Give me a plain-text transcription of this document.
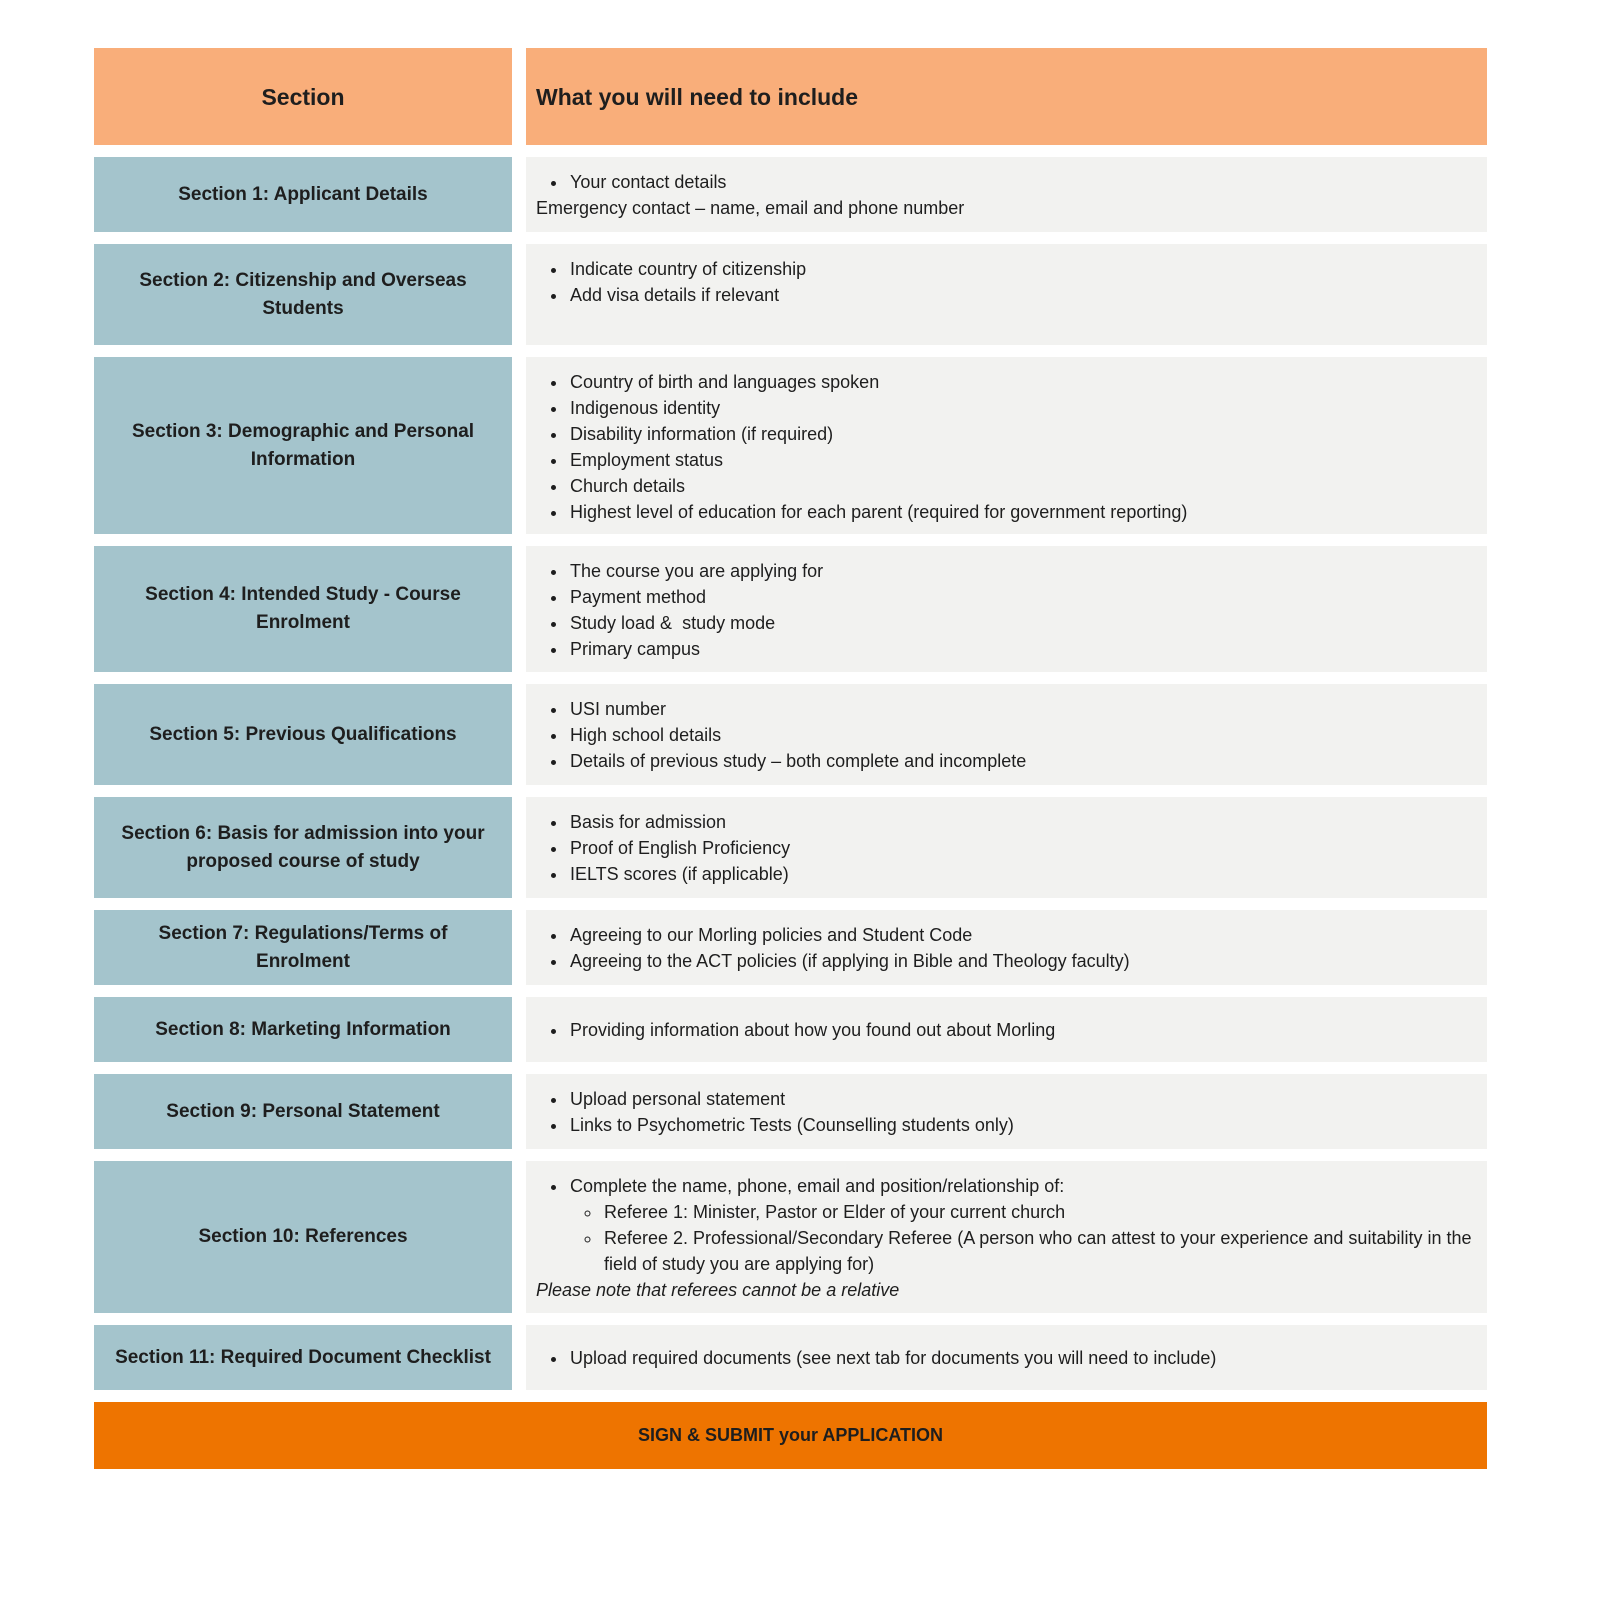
Section	What you will need to include
Section 1: Applicant Details
• Your contact details
Emergency contact – name, email and phone number
Section 2: Citizenship and Overseas Students
• Indicate country of citizenship
• Add visa details if relevant
Section 3: Demographic and Personal Information
• Country of birth and languages spoken
• Indigenous identity
• Disability information (if required)
• Employment status
• Church details
• Highest level of education for each parent (required for government reporting)
Section 4: Intended Study - Course Enrolment
• The course you are applying for
• Payment method
• Study load &  study mode
• Primary campus
Section 5: Previous Qualifications
• USI number
• High school details
• Details of previous study – both complete and incomplete
Section 6: Basis for admission into your proposed course of study
• Basis for admission
• Proof of English Proficiency
• IELTS scores (if applicable)
Section 7: Regulations/Terms of Enrolment
• Agreeing to our Morling policies and Student Code
• Agreeing to the ACT policies (if applying in Bible and Theology faculty)
Section 8: Marketing Information	• Providing information about how you found out about Morling
Section 9: Personal Statement
• Upload personal statement
• Links to Psychometric Tests (Counselling students only)
Section 10: References
• Complete the name, phone, email and position/relationship of:
◦ Referee 1: Minister, Pastor or Elder of your current church
◦ Referee 2. Professional/Secondary Referee (A person who can attest to your experience and suitability in the field of study you are applying for)
Please note that referees cannot be a relative
Section 11: Required Document Checklist	• Upload required documents (see next tab for documents you will need to include)
SIGN & SUBMIT your APPLICATION
